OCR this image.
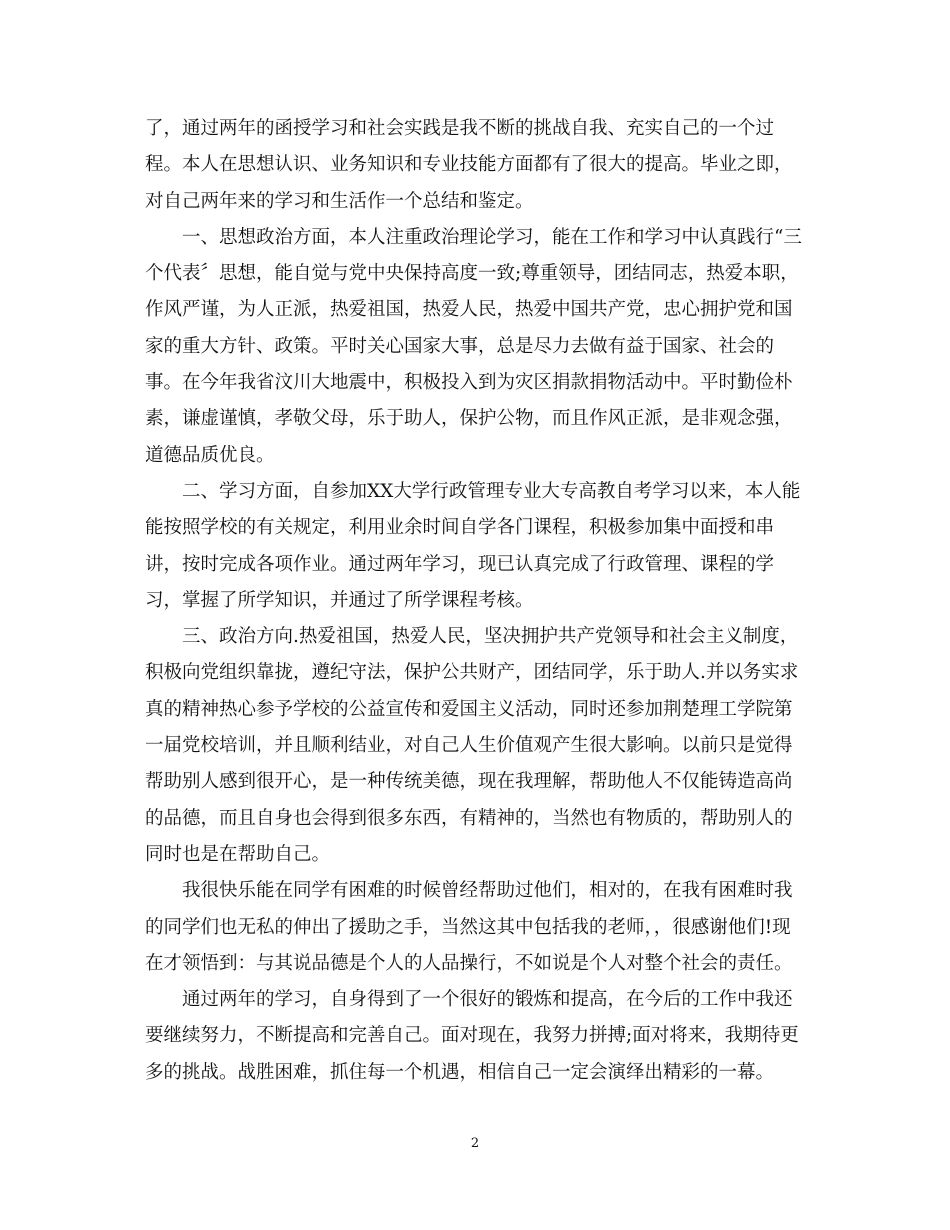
了，通过两年的函授学习和社会实践是我不断的挑战自我、充实自己的一个过
程。本人在思想认识、业务知识和专业技能方面都有了很大的提高。毕业之即，
对自己两年来的学习和生活作一个总结和鉴定。
　　一、思想政治方面，本人注重政治理论学习，能在工作和学习中认真践行“三
个代表〞思想，能自觉与党中央保持高度一致;尊重领导，团结同志，热爱本职，
作风严谨，为人正派，热爱祖国，热爱人民，热爱中国共产党，忠心拥护党和国
家的重大方针、政策。平时关心国家大事，总是尽力去做有益于国家、社会的
事。在今年我省汶川大地震中，积极投入到为灾区捐款捐物活动中。平时勤俭朴
素，谦虚谨慎，孝敬父母，乐于助人，保护公物，而且作风正派，是非观念强，
道德品质优良。
　　二、学习方面，自参加XX大学行政管理专业大专高教自考学习以来，本人能
能按照学校的有关规定，利用业余时间自学各门课程，积极参加集中面授和串
讲，按时完成各项作业。通过两年学习，现已认真完成了行政管理、课程的学
习，掌握了所学知识，并通过了所学课程考核。
　　三、政治方向.热爱祖国，热爱人民，坚决拥护共产党领导和社会主义制度，
积极向党组织靠拢，遵纪守法，保护公共财产，团结同学，乐于助人.并以务实求
真的精神热心参予学校的公益宣传和爱国主义活动，同时还参加荆楚理工学院第
一届党校培训，并且顺利结业，对自己人生价值观产生很大影响。以前只是觉得
帮助别人感到很开心，是一种传统美德，现在我理解，帮助他人不仅能铸造高尚
的品德，而且自身也会得到很多东西，有精神的，当然也有物质的，帮助别人的
同时也是在帮助自己。
　　我很快乐能在同学有困难的时候曾经帮助过他们，相对的，在我有困难时我
的同学们也无私的伸出了援助之手，当然这其中包括我的老师，，很感谢他们!现
在才领悟到：与其说品德是个人的人品操行，不如说是个人对整个社会的责任。
　　通过两年的学习，自身得到了一个很好的锻炼和提高，在今后的工作中我还
要继续努力，不断提高和完善自己。面对现在，我努力拼搏;面对将来，我期待更
多的挑战。战胜困难，抓住每一个机遇，相信自己一定会演绎出精彩的一幕。
2
